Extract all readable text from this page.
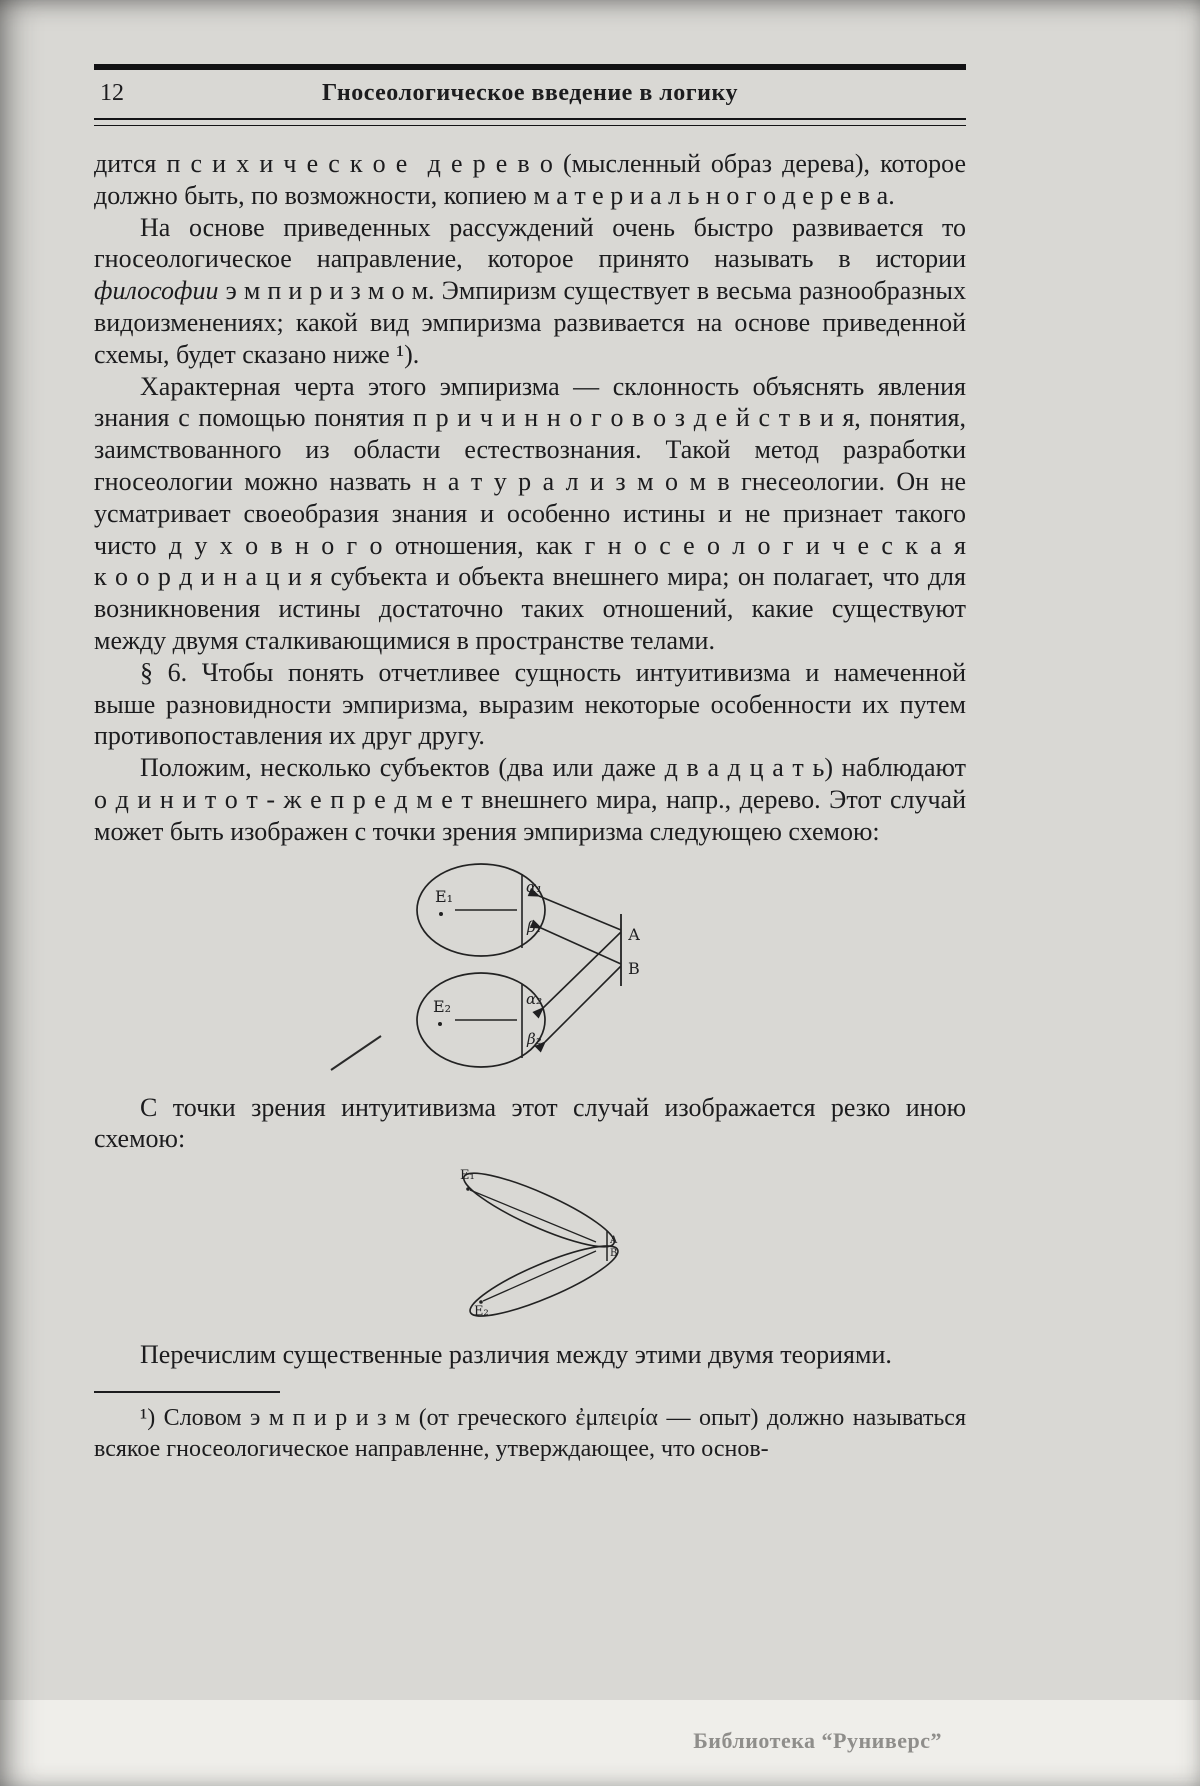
12	Гносеологическое введение в логику

дится п с и х и ч е с к о е  д е р е в о (мысленный образ дерева), которое должно быть, по возможности, копиею м а т е р и а л ь н о г о д е р е в а.

На основе приведенных рассуждений очень быстро развивается то гносеологическое направление, которое принято называть в истории философии э м п и р и з м о м. Эмпиризм существует в весьма разнообразных видоизменениях; какой вид эмпиризма развивается на основе приведенной схемы, будет сказано ниже ¹).

Характерная черта этого эмпиризма — склонность объяснять явления знания с помощью понятия п р и ч и н н о г о в о з д е й с т в и я, понятия, заимствованного из области естествознания. Такой метод разработки гносеологии можно назвать н а т у р а л и з м о м в гнесеологии. Он не усматривает своеобразия знания и особенно истины и не признает такого чисто д у х о в н о г о отношения, как г н о с е о л о г и ч е с к а я к о о р д и н а ц и я субъекта и объекта внешнего мира; он полагает, что для возникновения истины достаточно таких отношений, какие существуют между двумя сталкивающимися в пространстве телами.

§ 6. Чтобы понять отчетливее сущность интуитивизма и намеченной выше разновидности эмпиризма, выразим некоторые особенности их путем противопоставления их друг другу.

Положим, несколько субъектов (два или даже д в а д ц а т ь) наблюдают о д и н и т о т - ж е п р е д м е т внешнего мира, напр., дерево. Этот случай может быть изображен с точки зрения эмпиризма следующею схемою:

E₁	α₁
β₁
E₂	α₂
β₂
А
В

С точки зрения интуитивизма этот случай изображается резко иною схемою:

E₁
E₂
A
B

Перечислим существенные различия между этими двумя теориями.

¹) Словом э м п и р и з м (от греческого ἐμπειρία — опыт) должно называться всякое гносеологическое направленне, утверждающее, что основ-

Библиотека “Руниверс”
